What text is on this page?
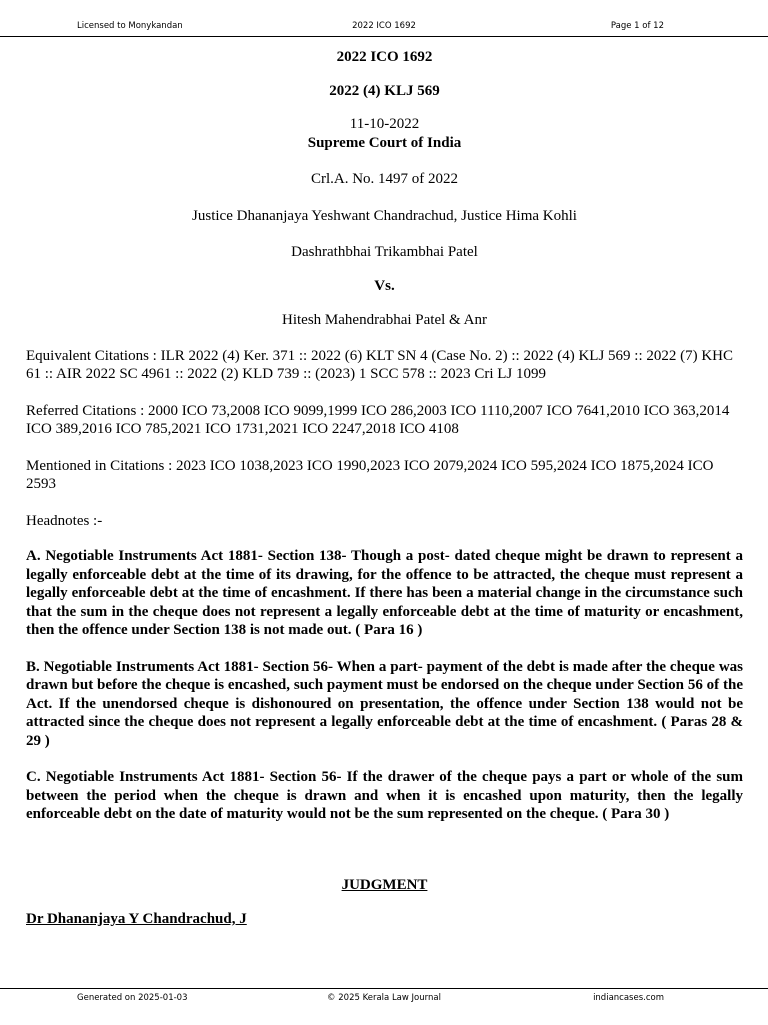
Licensed to Monykandan	2022 ICO 1692	Page 1 of 12

2022 ICO 1692

2022 (4) KLJ 569

11-10-2022

Supreme Court of India

Crl.A. No. 1497 of 2022

Justice Dhananjaya Yeshwant Chandrachud, Justice Hima Kohli

Dashrathbhai Trikambhai Patel

Vs.

Hitesh Mahendrabhai Patel & Anr

Equivalent Citations : ILR 2022 (4) Ker. 371 :: 2022 (6) KLT SN 4 (Case No. 2) :: 2022 (4) KLJ 569 :: 2022 (7) KHC 61 :: AIR 2022 SC 4961 :: 2022 (2) KLD 739 :: (2023) 1 SCC 578 :: 2023 Cri LJ 1099

Referred Citations : 2000 ICO 73,2008 ICO 9099,1999 ICO 286,2003 ICO 1110,2007 ICO 7641,2010 ICO 363,2014 ICO 389,2016 ICO 785,2021 ICO 1731,2021 ICO 2247,2018 ICO 4108

Mentioned in Citations : 2023 ICO 1038,2023 ICO 1990,2023 ICO 2079,2024 ICO 595,2024 ICO 1875,2024 ICO 2593

Headnotes :-

A. Negotiable Instruments Act 1881- Section 138- Though a post- dated cheque might be drawn to represent a legally enforceable debt at the time of its drawing, for the offence to be attracted, the cheque must represent a legally enforceable debt at the time of encashment. If there has been a material change in the circumstance such that the sum in the cheque does not represent a legally enforceable debt at the time of maturity or encashment, then the offence under Section 138 is not made out. ( Para 16 )

B. Negotiable Instruments Act 1881- Section 56- When a part- payment of the debt is made after the cheque was drawn but before the cheque is encashed, such payment must be endorsed on the cheque under Section 56 of the Act. If the unendorsed cheque is dishonoured on presentation, the offence under Section 138 would not be attracted since the cheque does not represent a legally enforceable debt at the time of encashment. ( Paras 28 & 29 )

C. Negotiable Instruments Act 1881- Section 56- If the drawer of the cheque pays a part or whole of the sum between the period when the cheque is drawn and when it is encashed upon maturity, then the legally enforceable debt on the date of maturity would not be the sum represented on the cheque. ( Para 30 )

JUDGMENT

Dr Dhananjaya Y Chandrachud, J

Generated on 2025-01-03	© 2025 Kerala Law Journal	indiancases.com
